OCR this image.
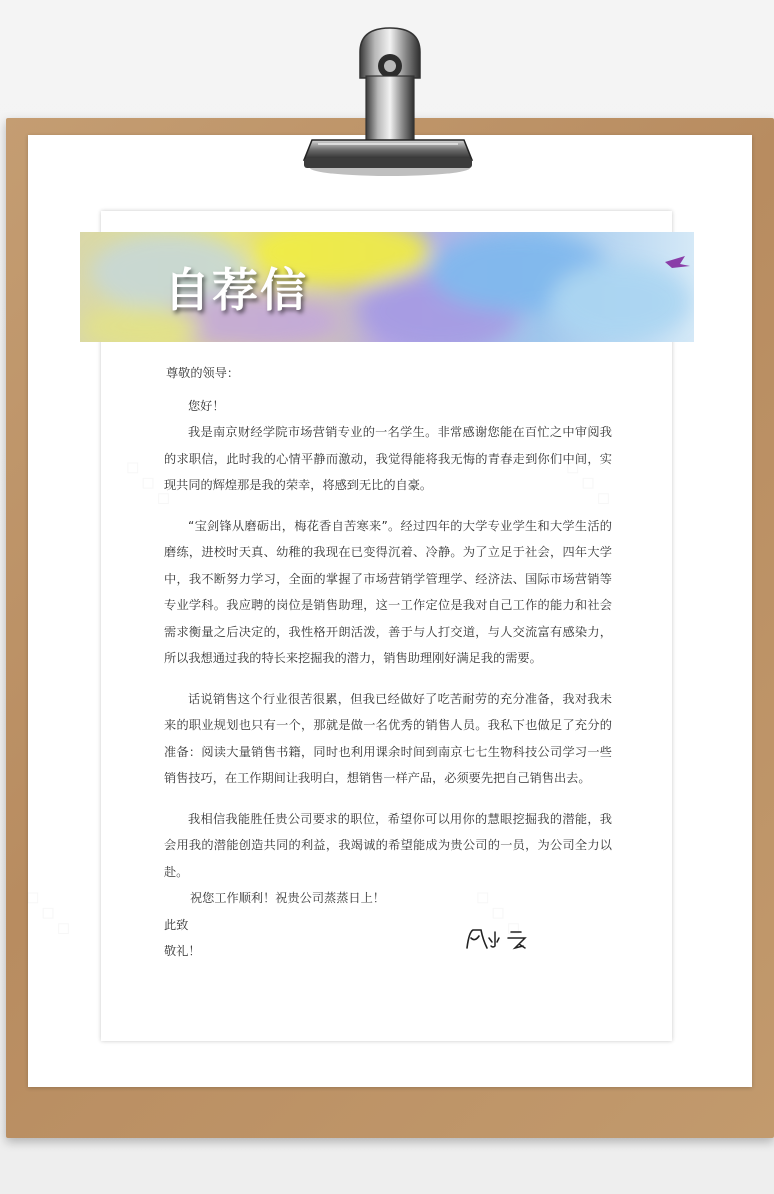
◇ ◇ ◇	◇ ◇ ◇
◇ ◇ ◇	◇ ◇ ◇
自荐信

尊敬的领导：

您好！

我是南京财经学院市场营销专业的一名学生。非常感谢您能在百忙之中审阅我的求职信，此时我的心情平静而激动，我觉得能将我无悔的青春走到你们中间，实现共同的辉煌那是我的荣幸，将感到无比的自豪。

“宝剑锋从磨砺出，梅花香自苦寒来”。经过四年的大学专业学生和大学生活的磨练，进校时天真、幼稚的我现在已变得沉着、冷静。为了立足于社会，四年大学中，我不断努力学习，全面的掌握了市场营销学管理学、经济法、国际市场营销等专业学科。我应聘的岗位是销售助理，这一工作定位是我对自己工作的能力和社会需求衡量之后决定的，我性格开朗活泼，善于与人打交道，与人交流富有感染力，所以我想通过我的特长来挖掘我的潜力，销售助理刚好满足我的需要。

话说销售这个行业很苦很累，但我已经做好了吃苦耐劳的充分准备，我对我未来的职业规划也只有一个，那就是做一名优秀的销售人员。我私下也做足了充分的准备：阅读大量销售书籍，同时也利用课余时间到南京七七生物科技公司学习一些销售技巧，在工作期间让我明白，想销售一样产品，必须要先把自己销售出去。

我相信我能胜任贵公司要求的职位，希望你可以用你的慧眼挖掘我的潜能，我会用我的潜能创造共同的利益，我竭诚的希望能成为贵公司的一员，为公司全力以赴。

祝您工作顺利！祝贵公司蒸蒸日上！

此致

敬礼！
